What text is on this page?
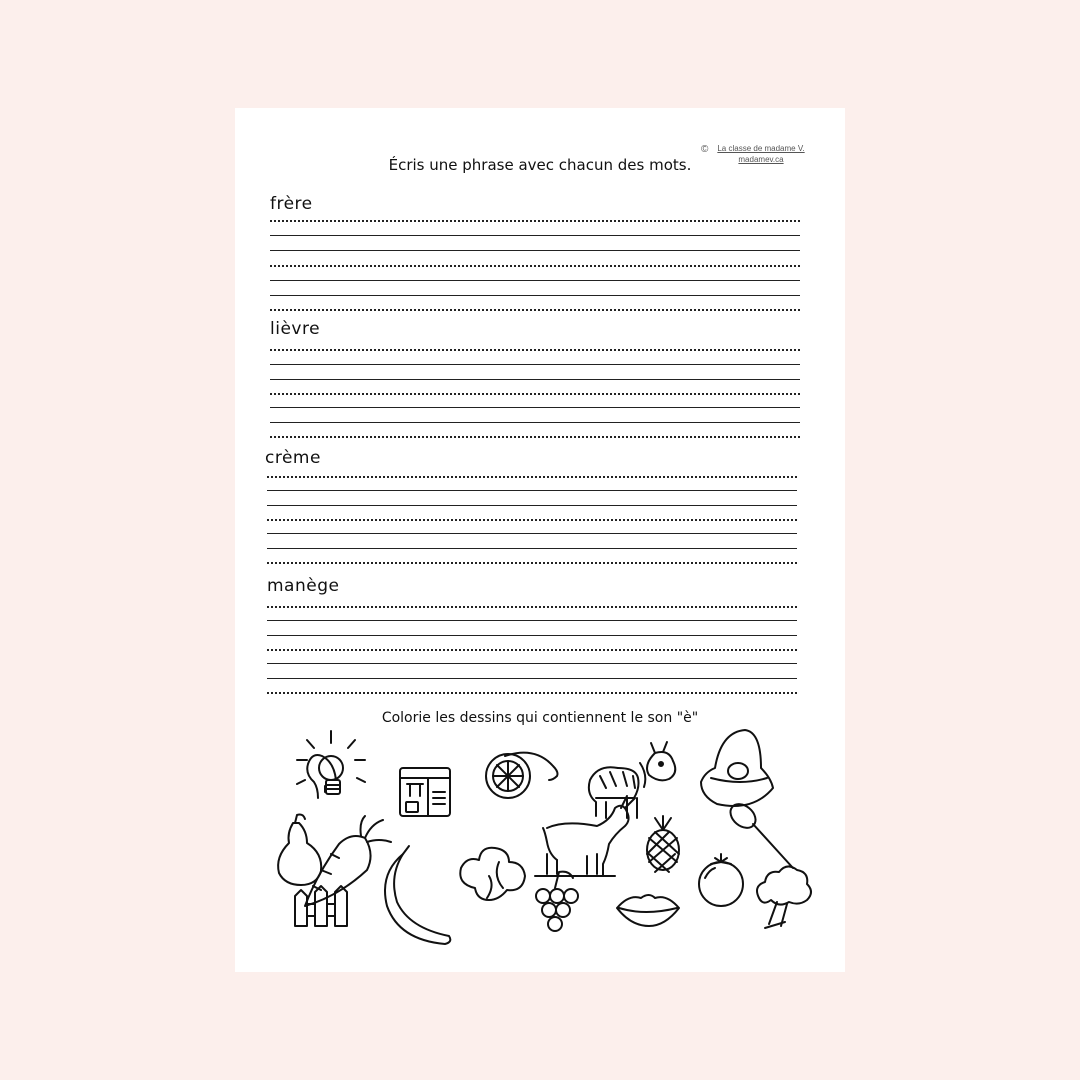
©	La classe de madame V.
madamev.ca
Écris une phrase avec chacun des mots.
frère
lièvre
crème
manège
Colorie les dessins qui contiennent le son "è"
